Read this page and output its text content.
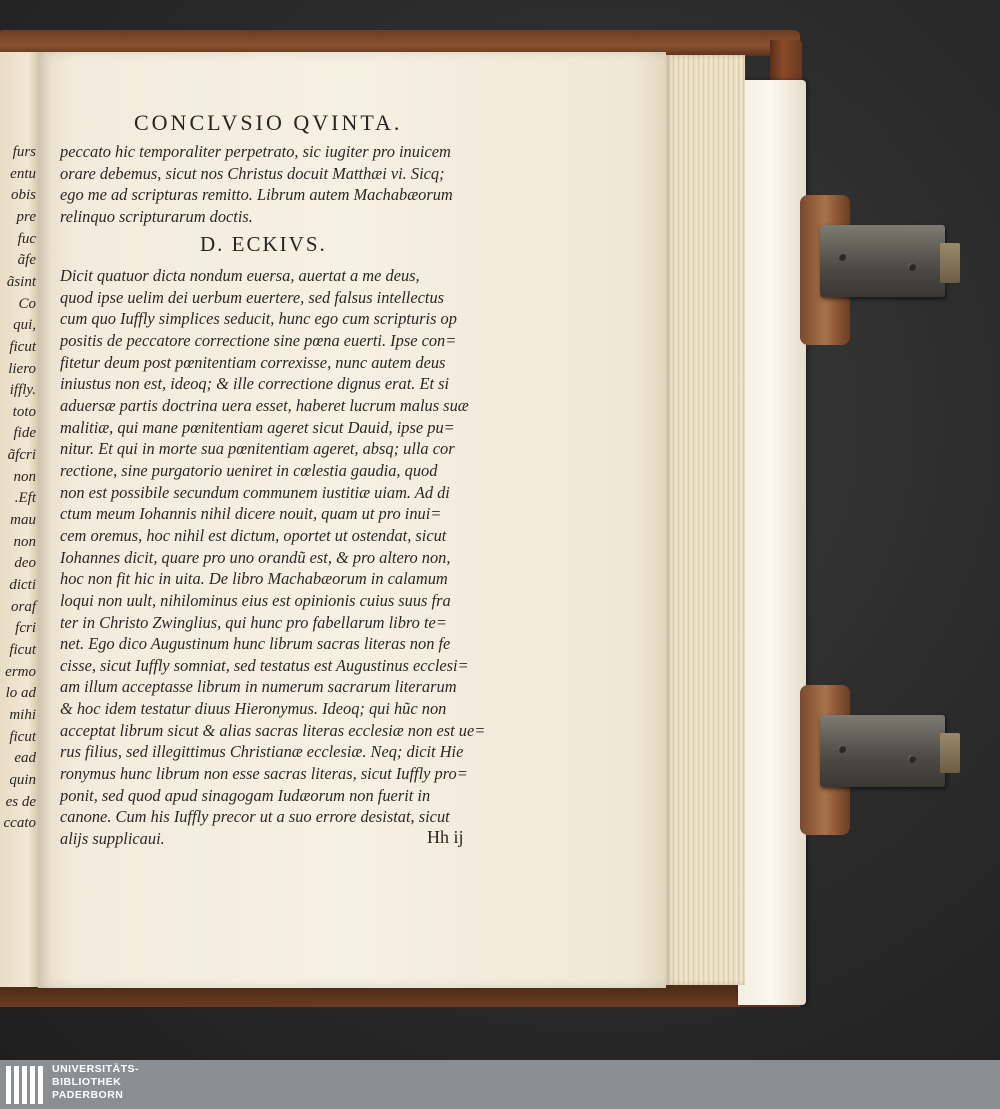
furs
entu
obis
pre
fuc
ãfe
ãsint
Co
qui,
ficut
liero
iffly.
toto
fide
ãfcri
non
.Eft
mau
non
deo
dicti
oraf
fcri
ficut
ermo
lo ad
mihi
ficut
ead
quin
es de
ccato
CONCLVSIO QVINTA.
peccato hic temporaliter perpetrato, sic iugiter pro inuicem
orare debemus, sicut nos Christus docuit Matthæi vi. Sicq;
ego me ad scripturas remitto. Librum autem Machabæorum
relinquo scripturarum doctis.
D. ECKIVS.
Dicit quatuor dicta nondum euersa, auertat a me deus,
quod ipse uelim dei uerbum euertere, sed falsus intellectus
cum quo Iuffly simplices seducit, hunc ego cum scripturis op
positis de peccatore correctione sine pœna euerti. Ipse con=
fitetur deum post pœnitentiam correxisse, nunc autem deus
iniustus non est, ideoq; & ille correctione dignus erat. Et si
aduersæ partis doctrina uera esset, haberet lucrum malus suæ
malitiæ, qui mane pœnitentiam ageret sicut Dauid, ipse pu=
nitur. Et qui in morte sua pœnitentiam ageret, absq; ulla cor
rectione, sine purgatorio ueniret in cœlestia gaudia, quod
non est possibile secundum communem iustitiæ uiam. Ad di
ctum meum Iohannis nihil dicere nouit, quam ut pro inui=
cem oremus, hoc nihil est dictum, oportet ut ostendat, sicut
Iohannes dicit, quare pro uno orandũ est, & pro altero non,
hoc non fit hic in uita. De libro Machabæorum in calamum
loqui non uult, nihilominus eius est opinionis cuius suus fra
ter in Christo Zwinglius, qui hunc pro fabellarum libro te=
net. Ego dico Augustinum hunc librum sacras literas non fe
cisse, sicut Iuffly somniat, sed testatus est Augustinus ecclesi=
am illum acceptasse librum in numerum sacrarum literarum
& hoc idem testatur diuus Hieronymus. Ideoq; qui hũc non
acceptat librum sicut & alias sacras literas ecclesiæ non est ue=
rus filius, sed illegittimus Christianæ ecclesiæ. Neq; dicit Hie
ronymus hunc librum non esse sacras literas, sicut Iuffly pro=
ponit, sed quod apud sinagogam Iudæorum non fuerit in
canone. Cum his Iuffly precor ut a suo errore desistat, sicut
alijs supplicaui.	Hh ij
UNIVERSITÄTS-
BIBLIOTHEK
PADERBORN
